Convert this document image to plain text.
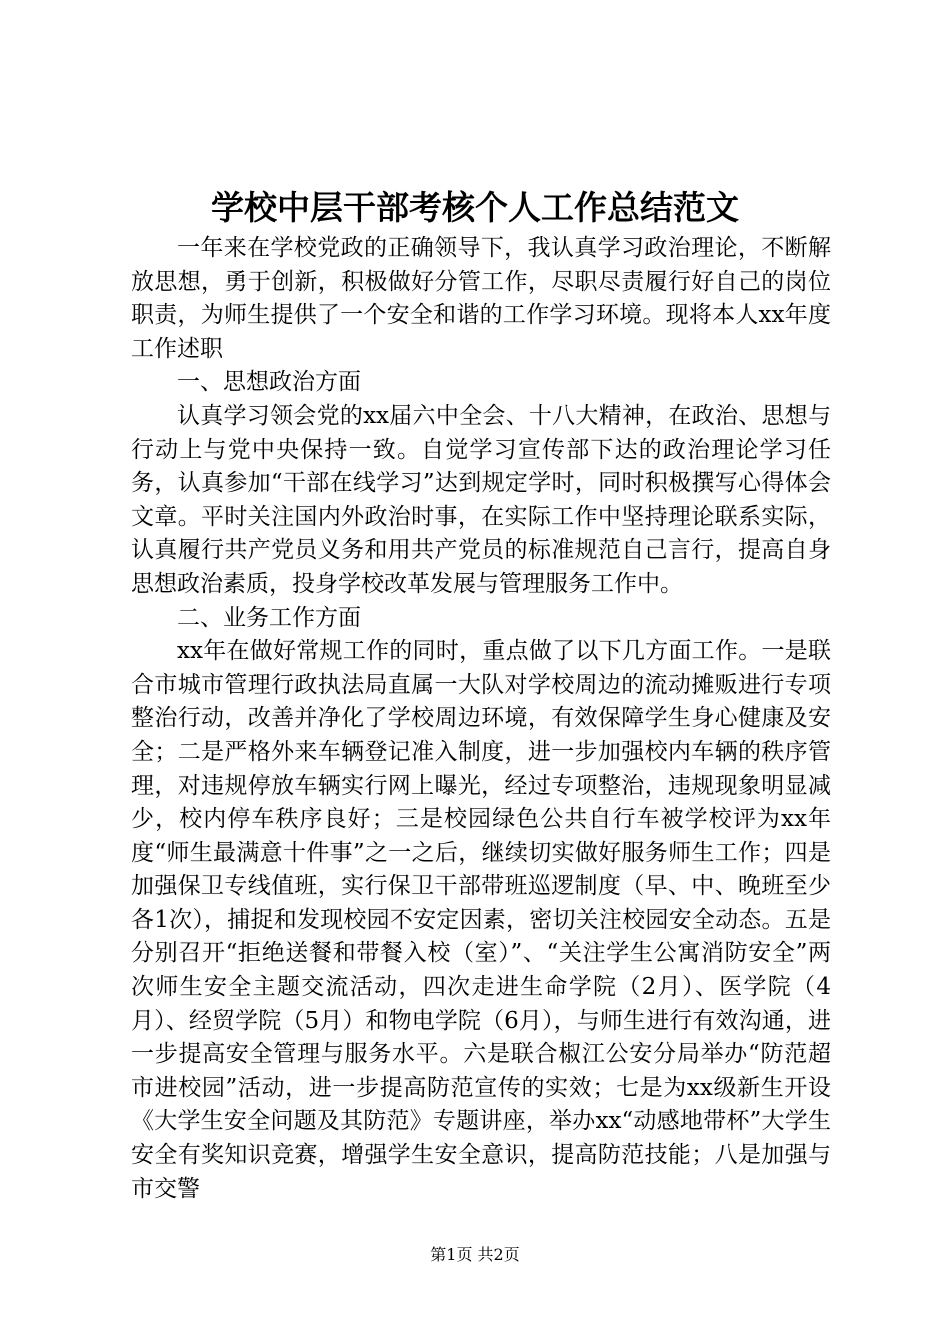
学校中层干部考核个人工作总结范文

一年来在学校党政的正确领导下，我认真学习政治理论，不断解放思想，勇于创新，积极做好分管工作，尽职尽责履行好自己的岗位职责，为师生提供了一个安全和谐的工作学习环境。现将本人xx年度工作述职

一、思想政治方面

认真学习领会党的xx届六中全会、十八大精神，在政治、思想与行动上与党中央保持一致。自觉学习宣传部下达的政治理论学习任务，认真参加“干部在线学习”达到规定学时，同时积极撰写心得体会文章。平时关注国内外政治时事，在实际工作中坚持理论联系实际，认真履行共产党员义务和用共产党员的标准规范自己言行，提高自身思想政治素质，投身学校改革发展与管理服务工作中。

二、业务工作方面

xx年在做好常规工作的同时，重点做了以下几方面工作。一是联合市城市管理行政执法局直属一大队对学校周边的流动摊贩进行专项整治行动，改善并净化了学校周边环境，有效保障学生身心健康及安全；二是严格外来车辆登记准入制度，进一步加强校内车辆的秩序管理，对违规停放车辆实行网上曝光，经过专项整治，违规现象明显减少，校内停车秩序良好；三是校园绿色公共自行车被学校评为xx年度“师生最满意十件事”之一之后，继续切实做好服务师生工作；四是加强保卫专线值班，实行保卫干部带班巡逻制度（早、中、晚班至少各1次），捕捉和发现校园不安定因素，密切关注校园安全动态。五是分别召开“拒绝送餐和带餐入校（室）”、“关注学生公寓消防安全”两次师生安全主题交流活动，四次走进生命学院（2月）、医学院（4月）、经贸学院（5月）和物电学院（6月），与师生进行有效沟通，进一步提高安全管理与服务水平。六是联合椒江公安分局举办“防范超市进校园”活动，进一步提高防范宣传的实效；七是为xx级新生开设《大学生安全问题及其防范》专题讲座，举办xx“动感地带杯”大学生安全有奖知识竞赛，增强学生安全意识，提高防范技能；八是加强与市交警

第1页 共2页
